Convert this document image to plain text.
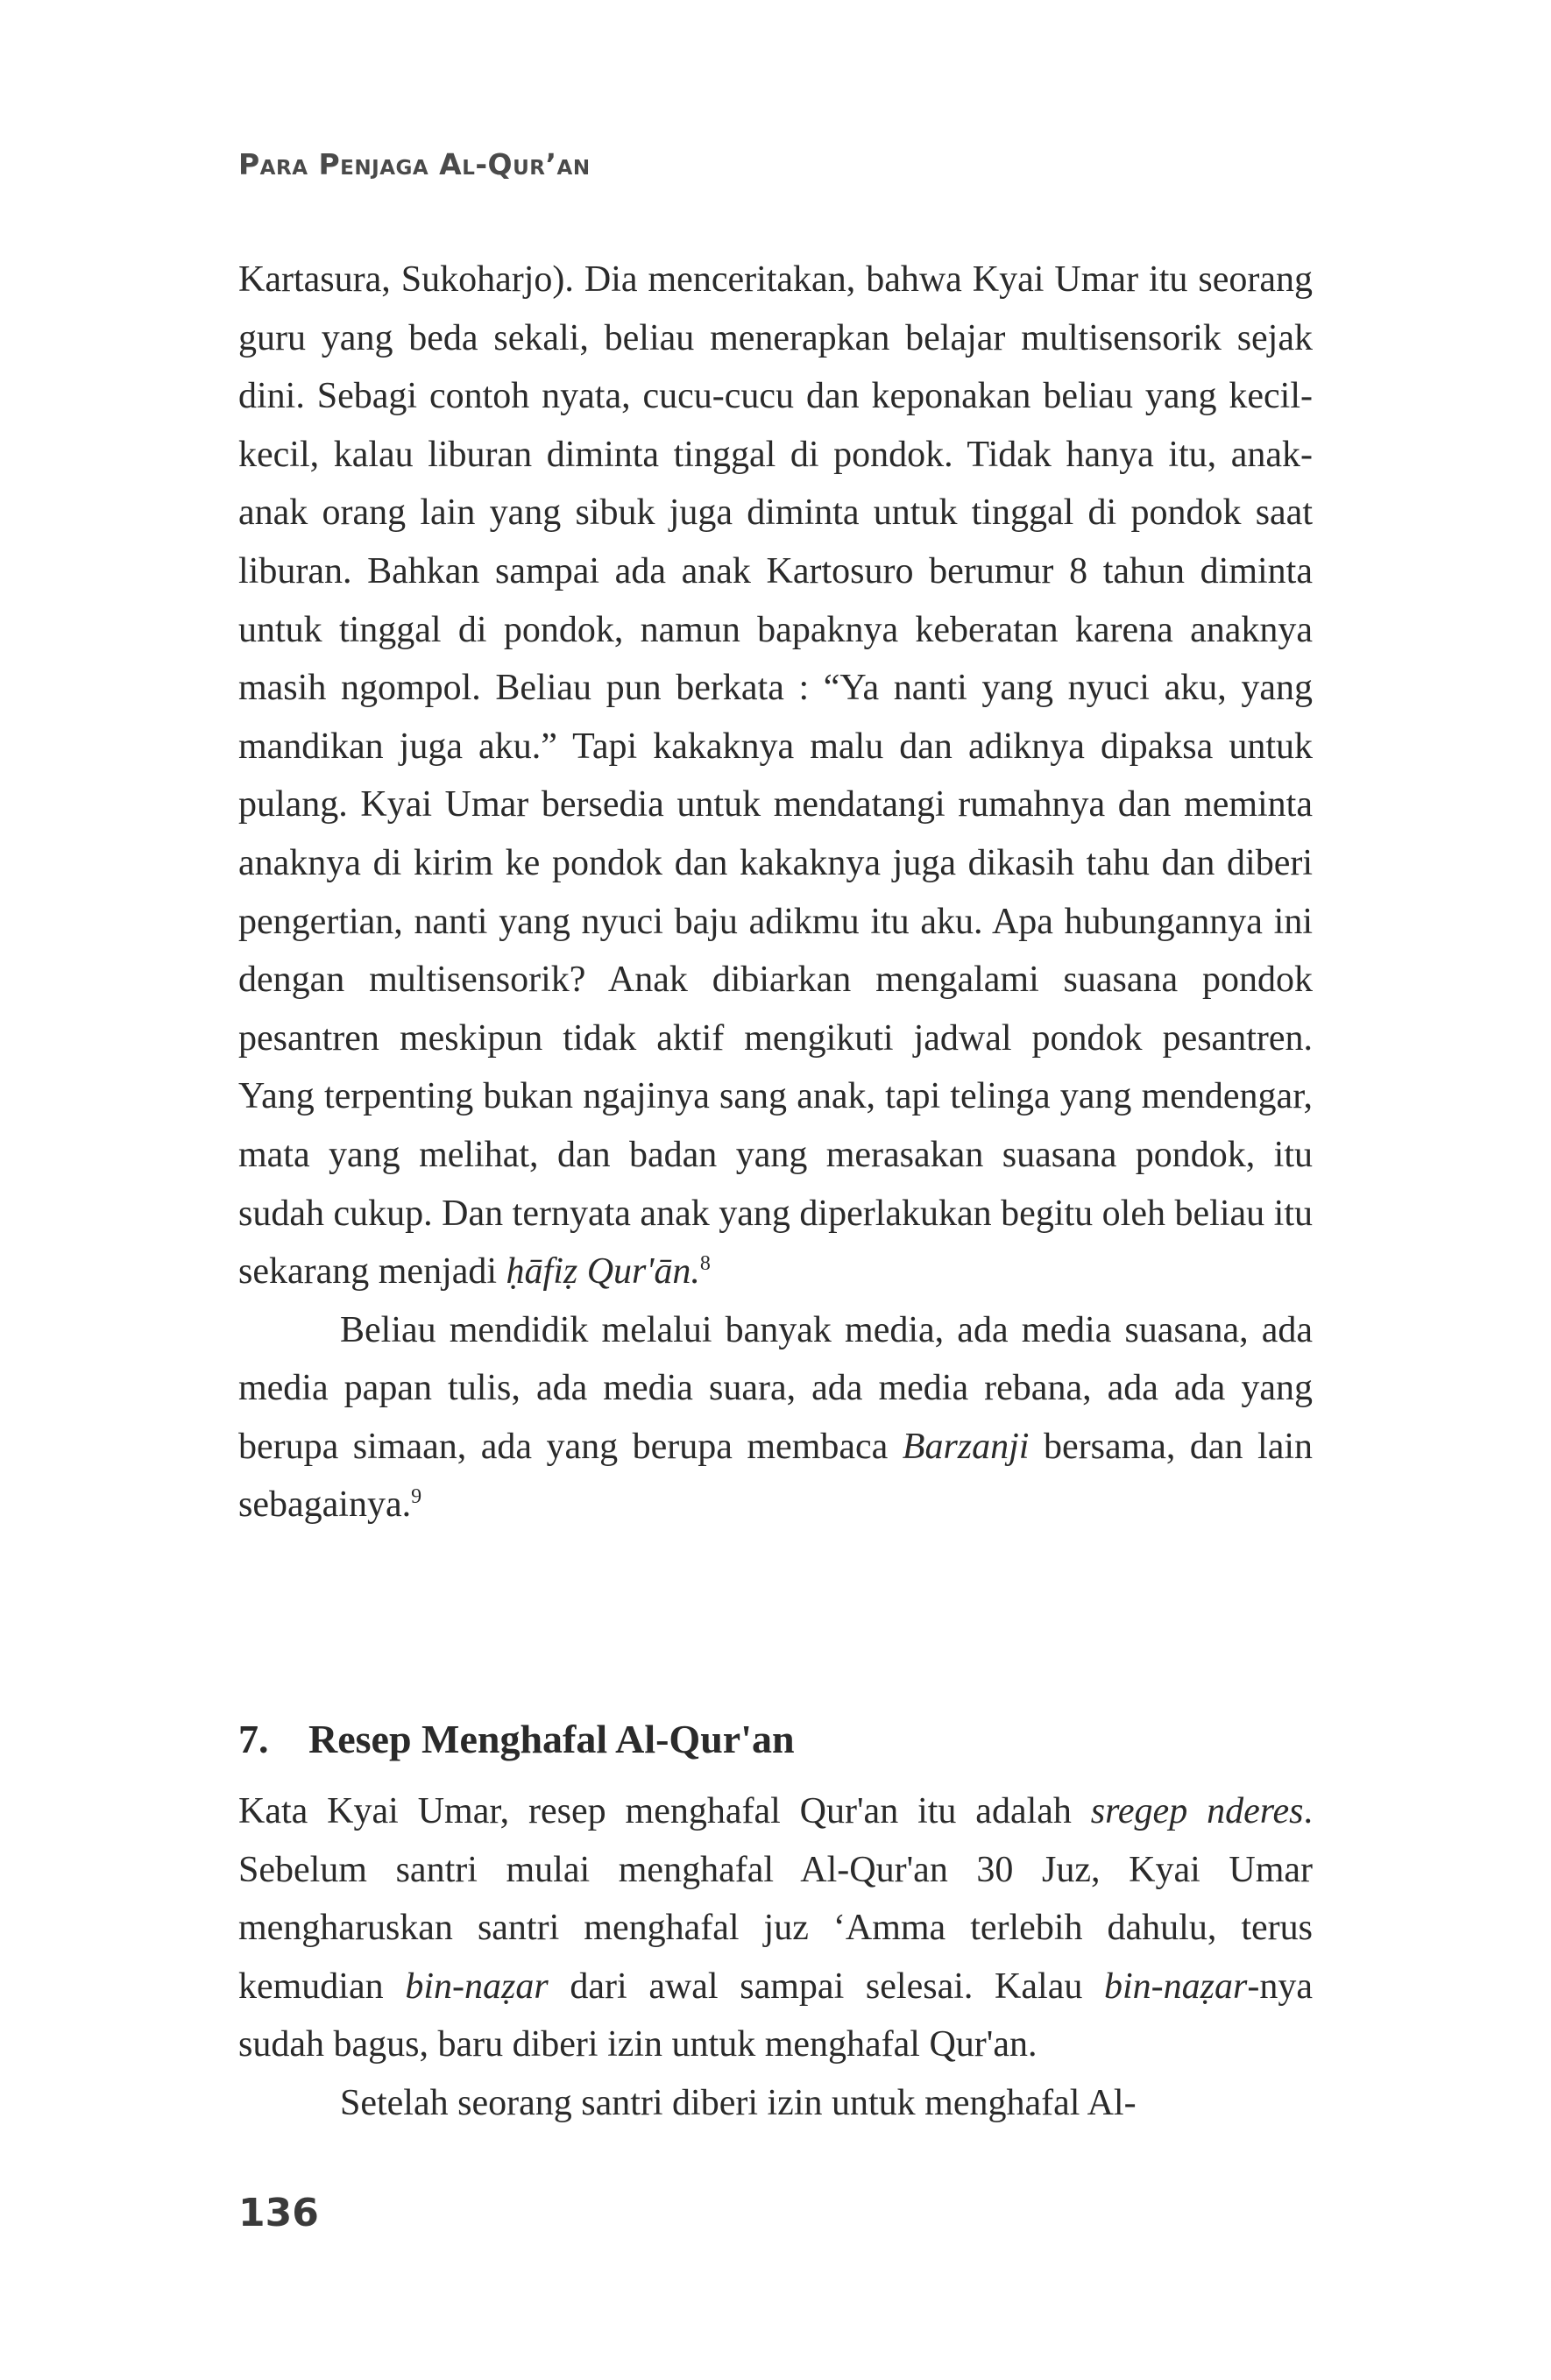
Para Penjaga Al-Qur’an

Kartasura, Sukoharjo). Dia menceritakan, bahwa Kyai Umar itu seorang guru yang beda sekali, beliau menerapkan belajar multisensorik sejak dini. Sebagi contoh nyata, cucu-cucu dan keponakan beliau yang kecil-kecil, kalau liburan diminta tinggal di pondok. Tidak hanya itu, anak-anak orang lain yang sibuk juga diminta untuk tinggal di pondok saat liburan. Bahkan sampai ada anak Kartosuro berumur 8 tahun diminta untuk tinggal di pondok, namun bapaknya keberatan karena anaknya masih ngompol. Beliau pun berkata : “Ya nanti yang nyuci aku, yang mandikan juga aku.” Tapi kakaknya malu dan adiknya dipaksa untuk pulang. Kyai Umar bersedia untuk mendatangi rumahnya dan meminta anaknya di kirim ke pondok dan kakaknya juga dikasih tahu dan diberi pengertian, nanti yang nyuci baju adikmu itu aku. Apa hubungannya ini dengan multisensorik? Anak dibiarkan mengalami suasana pondok pesantren meskipun tidak aktif mengikuti jadwal pondok pesantren. Yang terpenting bukan ngajinya sang anak, tapi telinga yang mendengar, mata yang melihat, dan badan yang merasakan suasana pondok, itu sudah cukup. Dan ternyata anak yang diperlakukan begitu oleh beliau itu sekarang menjadi ḥāfiẓ Qur'ān.$^8$

Beliau mendidik melalui banyak media, ada media suasana, ada media papan tulis, ada media suara, ada media rebana, ada ada yang berupa simaan, ada yang berupa membaca Barzanji bersama, dan lain sebagainya.$^9$

7. Resep Menghafal Al-Qur'an

Kata Kyai Umar, resep menghafal Qur'an itu adalah sregep nderes. Sebelum santri mulai menghafal Al-Qur'an 30 Juz, Kyai Umar mengharuskan santri menghafal juz ‘Amma terlebih dahulu, terus kemudian bin-naẓar dari awal sampai selesai. Kalau bin-naẓar-nya sudah bagus, baru diberi izin untuk menghafal Qur'an.

Setelah seorang santri diberi izin untuk menghafal Al-

136
